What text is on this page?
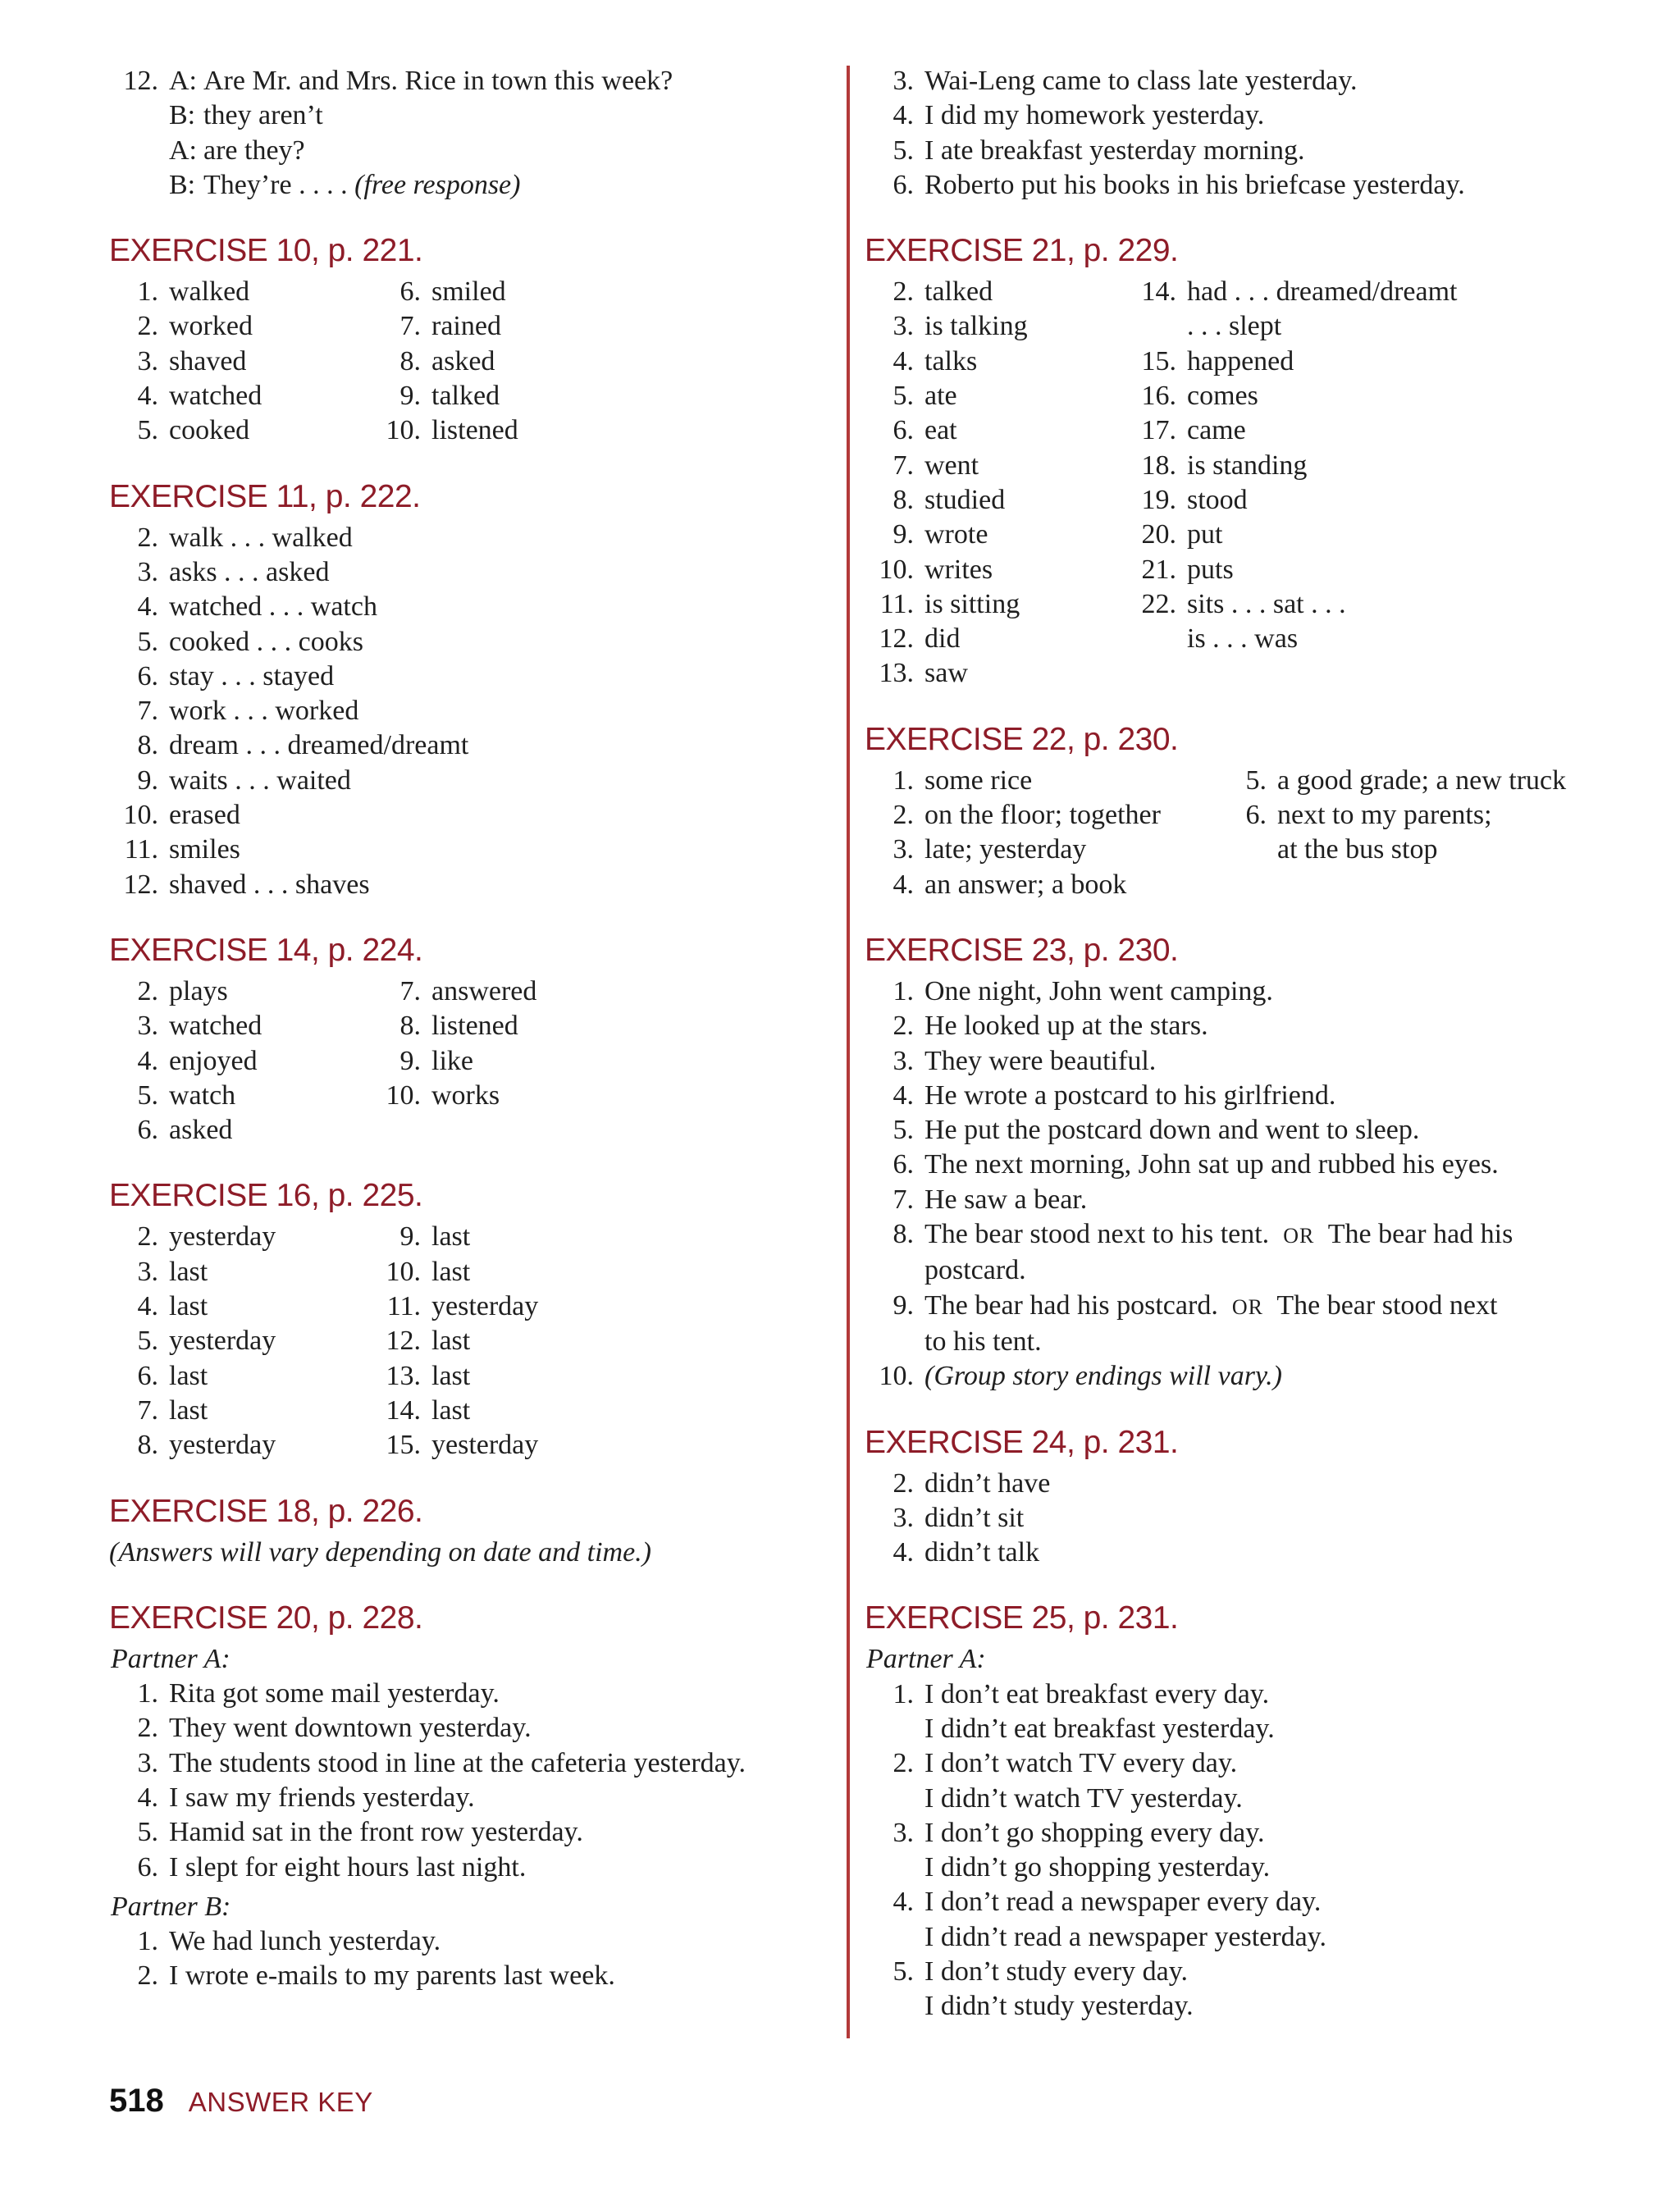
12. A: Are Mr. and Mrs. Rice in town this week?
B: they aren’t
A: are they?
B: They’re . . . .
(free response)
EXERCISE 10, p. 221.
1. walked
2. worked
3. shaved
4. watched
5. cooked
6. smiled
7. rained
8. asked
9. talked
10. listened
EXERCISE 11, p. 222.
2. walk . . . walked
3. asks . . . asked
4. watched . . . watch
5. cooked . . . cooks
6. stay . . . stayed
7. work . . . worked
8. dream . . . dreamed/dreamt
9. waits . . . waited
10. erased
11. smiles
12. shaved . . . shaves
EXERCISE 14, p. 224.
2. plays
3. watched
4. enjoyed
5. watch
6. asked
7. answered
8. listened
9. like
10. works
EXERCISE 16, p. 225.
2. yesterday
3. last
4. last
5. yesterday
6. last
7. last
8. yesterday
9. last
10. last
11. yesterday
12. last
13. last
14. last
15. yesterday
EXERCISE 18, p. 226.
(Answers will vary depending on date and time.)
EXERCISE 20, p. 228.
Partner A:
1. Rita got some mail yesterday.
2. They went downtown yesterday.
3. The students stood in line at the cafeteria yesterday.
4. I saw my friends yesterday.
5. Hamid sat in the front row yesterday.
6. I slept for eight hours last night.
Partner B:
1. We had lunch yesterday.
2. I wrote e-mails to my parents last week.
3. Wai-Leng came to class late yesterday.
4. I did my homework yesterday.
5. I ate breakfast yesterday morning.
6. Roberto put his books in his briefcase yesterday.
EXERCISE 21, p. 229.
2. talked
3. is talking
4. talks
5. ate
6. eat
7. went
8. studied
9. wrote
10. writes
11. is sitting
12. did
13. saw
14. had . . . dreamed/dreamt
. . . slept
15. happened
16. comes
17. came
18. is standing
19. stood
20. put
21. puts
22. sits . . . sat . . .
is . . . was
EXERCISE 22, p. 230.
1. some rice
2. on the floor; together
3. late; yesterday
4. an answer; a book
5. a good grade; a new truck
6. next to my parents;
at the bus stop
EXERCISE 23, p. 230.
1. One night, John went camping.
2. He looked up at the stars.
3. They were beautiful.
4. He wrote a postcard to his girlfriend.
5. He put the postcard down and went to sleep.
6. The next morning, John sat up and rubbed his eyes.
7. He saw a bear.
8. The bear stood next to his tent. OR The bear had his
postcard.
9. The bear had his postcard. OR The bear stood next
to his tent.
10. (Group story endings will vary.)
EXERCISE 24, p. 231.
2. didn’t have
3. didn’t sit
4. didn’t talk
EXERCISE 25, p. 231.
Partner A:
1. I don’t eat breakfast every day.
I didn’t eat breakfast yesterday.
2. I don’t watch TV every day.
I didn’t watch TV yesterday.
3. I don’t go shopping every day.
I didn’t go shopping yesterday.
4. I don’t read a newspaper every day.
I didn’t read a newspaper yesterday.
5. I don’t study every day.
I didn’t study yesterday.
518 ANSWER KEY
